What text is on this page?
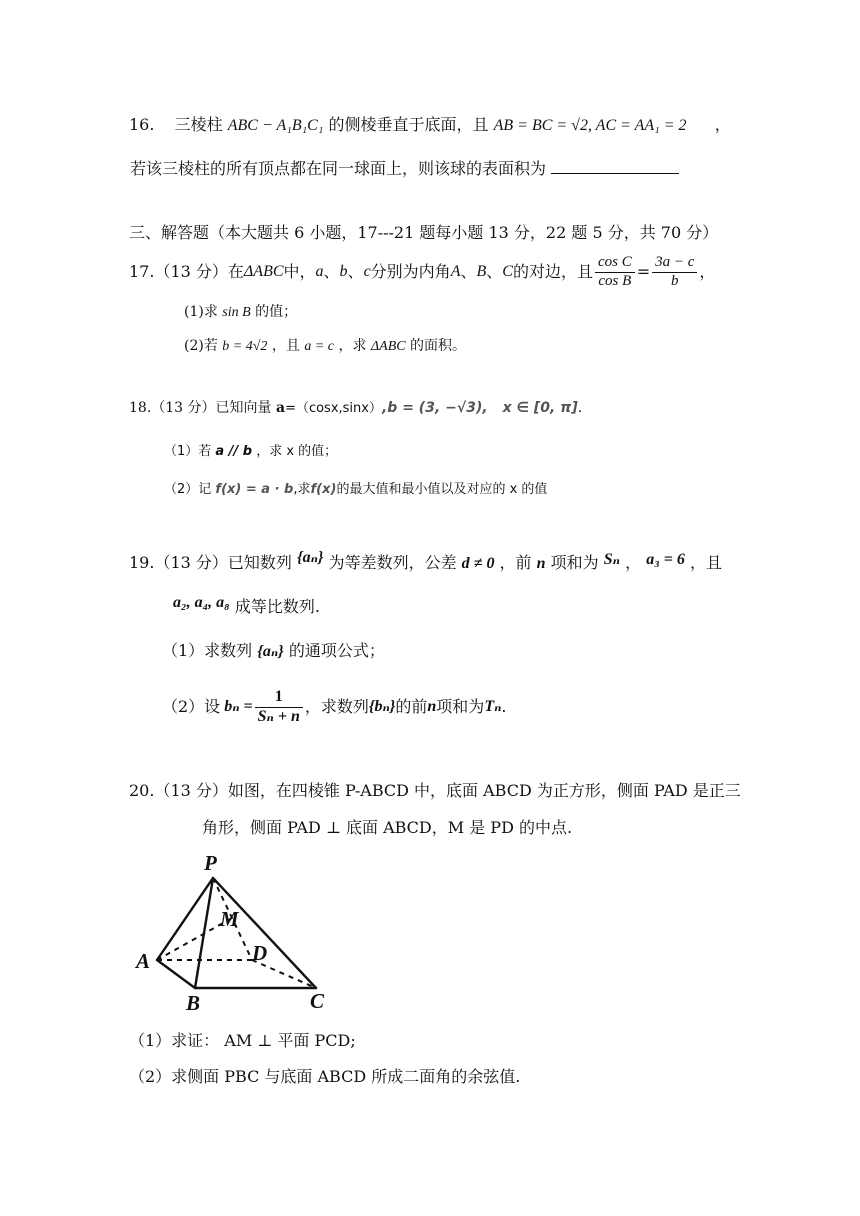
16. 三棱柱 ABC − A₁B₁C₁ 的侧棱垂直于底面，且 AB = BC = √2, AC = AA₁ = 2 ，
若该三棱柱的所有顶点都在同一球面上，则该球的表面积为
三、解答题（本大题共 6 小题，17---21 题每小题 13 分，22 题 5 分，共 70 分）
17.（13 分）在 ΔABC 中， a 、 b 、 c 分别为内角 A 、 B 、 C 的对边，且 $\frac{\text{cos C}}{\text{cos B}} = \frac{3a - c}{b}$ ，
(1)求 sin B 的值；
(2)若 b = 4√2 ，且 a = c ，求 ΔABC 的面积。
18.（13 分）已知向量 a=（cosx,sinx）,b = (3, −√3), x ∈ [0, π].
（1）若 a // b ，求 x 的值；
（2）记 f(x) = a · b,求f(x)的最大值和最小值以及对应的 x 的值
19.（13 分）已知数列 {aₙ} 为等差数列，公差 d ≠ 0 ，前 n 项和为 Sₙ ， a₃ = 6 ，且
a₂, a₄, a₈ 成等比数列.
（1）求数列 {aₙ} 的通项公式；
（2）设 $b_n = \frac{1}{\text{Sₙ + n}}$ ，求数列 {bₙ} 的前 n 项和为 Tₙ .
20.（13 分）如图，在四棱锥 P-ABCD 中，底面 ABCD 为正方形，侧面 PAD 是正三
角形，侧面 PAD ⊥ 底面 ABCD，M 是 PD 的中点.
P
M
D
A
B	C
（1）求证： AM ⊥ 平面 PCD;
（2）求侧面 PBC 与底面 ABCD 所成二面角的余弦值.
